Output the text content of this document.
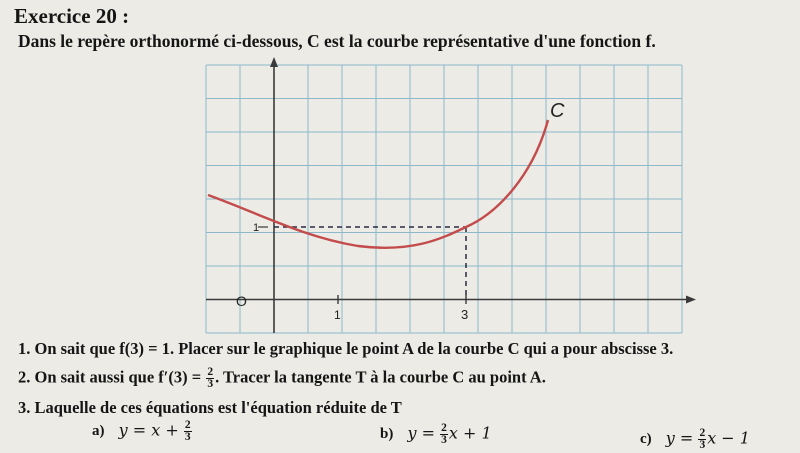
Exercice 20 :
Dans le repère orthonormé ci-dessous, C est la courbe représentative d'une fonction f.
C
O
1	3
1
1. On sait que f(3) = 1. Placer sur le graphique le point A de la courbe C qui a pour abscisse 3.
2. On sait aussi que $f'(3) = \frac{2}{3}$ . Tracer la tangente T à la courbe C au point A.
3. Laquelle de ces équations est l'équation réduite de T
a) $y = x + \frac{2}{3}$	b) $y = \frac{2}{3}$ x + 1	c) $y = \frac{2}{3}$ x − 1
